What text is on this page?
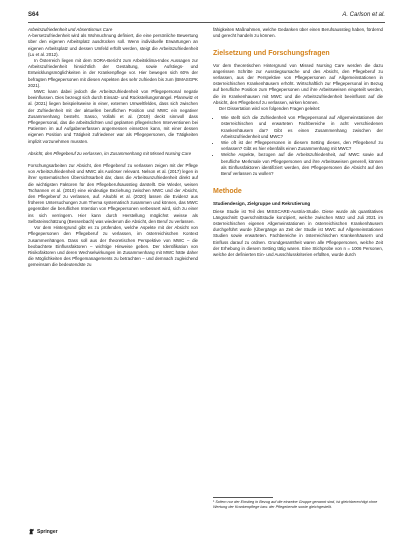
S64	A. Carlson et al.

Arbeitszufriedenheit und Absentismus Care

A-bersetzufriedenheit wird als Wohnuchnung definiert, die eine persönliche Bewertung über den eigenen Arbeitsplatz ausdrücken soll. Wenn individuelle Erwartungen an eigenen Arbeitsplatz und dessen Umfeld erfüllt werden, steigt die Arbeitszufriedenheit (Lu et al. 2012).

In Österreich liegen mit dem SORA-Bericht zum Arbeitsklima-Index Aussagen zur Arbeitszufriedenheit hinsichtlich der Gestaltung, sowie Aufstiegs- und Entwicklungsmöglichkeiten in der Krankenpflege vor. Hier bewegen sich 60% der befragten Pflegepersonen mit diesen Aspekten des sehr zufrieden bis zum (BMASGPK 2021).

MWC kann dabei jedoch die Arbeitszufriedenheit von Pflegepersonal negativ beeinflussen. Dies bezeugt sich durch Einsatz- und Rückstellungsmängel. Pfannwitz et al. (2021) liegen beispielsweise in einer, externen Umweltfeldes, dass sich zwischen der Zufriedenheit mit der aktuellen beruflichen Position und MWC ein negativer Zusammenhang besteht. Sasso, Vollahi et al. (2019) deckt sinnvoll dass Pflegepersonal, das die arbeitsdichten und geplanten pflegerischen Interventionen bei Patienten im auf Aufgabenerfassen angemessen einsetzen kann, mit einer dessen eigenen Position und Tätigkeit zufriedener war als Pflegepersonen, die Tätigkeiten implizit vorzunehmen mussten.

Absicht, den Pflegeberuf zu verlassen, im Zusammenhang mit Missed Nursing Care

Forschungsarbeiten zur Absicht, den Pflegeberuf zu verlassen zeigen mit der Pflege von Arbeitszufriedenheit und MWC als Auslöser relevant. Nelson et al. (2017) legen in ihrer systematischen Übersichtsarbeit dar, dass die Arbeitsunzufriedenheit direkt auf die wichtigsten Faktoren für den Pflegeberufsausstieg darstellt. Die Wieder, weisen Tschannen et al. (2010) eine eindeutige Beziehung zwischen MWC und der Absicht, den Pflegeberuf zu verlassen, auf. Alsubhi et al. (2020) lassen die Evidenz aus früheren Untersuchungen zum Thema systematisch zusammen und können, das MWC gegenüber die beruflichen Intention von Pflegepersonen verbessert wird, sich zu einer ins sich verringern. Hier kann durch Herstellung möglichst weisse als Selbsteinschätzung (Bessenbach) was wiederum die Absicht, den Beruf zu verlassen.

Vor dem Hintergrund gibt es zu prüfenden, welche Aspekte mit der Absicht von Pflegepersonen den Pflegeberuf zu verlassen, im österreichischen Kontext zusammenhängen. Dass soll aus der theoretischen Perspektive von MWC – die beobachtete Einflussfaktoren – wichtige Hinweise geben. Der Identifikation von Risikofaktoren und deren Wechselwirkungen im Zusammenhang mit MWC hätte daher die Möglichkeiten des Pflegemanagements zu betrachten – und demnach zugleichend gemeinsam die bedeutendste zu

fähigkeiten Maßnahmen, welche Gedanken über einen Berufsausstieg haben, fördernd und gerecht handeln zu können.

Zielsetzung und Forschungsfragen

Vor dem theoretischen Hintergrund von Missed Nursing Care werden die dazu angerissen Schritte zur Ausstiegsursache und des Absicht, den Pflegeberuf zu verlassen, aus der Perspektive von Pflegepersonen auf Allgemeinstationen in österreichischen Krankenhäusern erhöht. Wirtschaftlich zur Pflegepersonal im Bezug auf berufliche Position zum Pflegepersonen und ihre Arbeitsweisen eingeteilt werden, die im Krankenhausen mit MWC und die Arbeitszufriedenheit beeinflusst auf die Absicht, den Pflegeberuf zu verlassen, wirken können.

Der Dissertation wird von folgenden Fragen geleitet:

• Wie stellt sich die Zufriedenheit von Pflegepersonal auf Allgemeinstationen der österreichischen und erwarteten Fachbereiche in acht verschiedenen Krankenhäusern dar? Gibt es einen Zusammenhang zwischen der Arbeitszufriedenheit und MWC?
• Wie oft ist der Pflegepersonen in diesem Setting dieses, den Pflegeberuf zu verlassen? Gibt es hier ebenfalls einen Zusammenhang mit MWC?
• Welche Aspekte, bezogen auf die Arbeitszufriedenheit, auf MWC sowie auf berufliche Merkmale von Pflegepersonen und ihre Arbeitsweisen generell, können als Einflussfaktoren identifiziert werden, den Pflegepersonen die Absicht auf den Beruf verlassen zu wollen?
Methode
Studiendesign, Zielgruppe und Rekrutierung

Diese Studie ist Teil des MISSCARE-Austria-Studie. Diese wurde als quantitatives Längsschnitt Querschnittstudie konzipiert, welche zwischen März und Juli 2021 im österreichischen eigenen Allgemeinstationen in österreichischen Krankenhäusern durchgeführt wurde (Übergänge an Zeit der Studie ist MWC auf Allgemeinstationen Studien sowie erwarteten. Fachbereiche in österreichischen Krankenhäusern und Einfluss darauf zu ordnen. Grundgesamtheit waren alle Pflegepersonen, welche Zeit der Erhebung in diesem Setting tätig waren. Eine Stichprobe von n = 1006 Personen, welche der definierten Ein- und Ausschlusskriterien erfüllten, wurde durch

¹ Sofern nur der Einstieg in Bezug auf die einzelne Gruppe genannt sind, ist gleichberechtigt ohne Wertung der Krankenpflege bzw. der Pflegeberufe sowie gleichgestellt.
Springer
